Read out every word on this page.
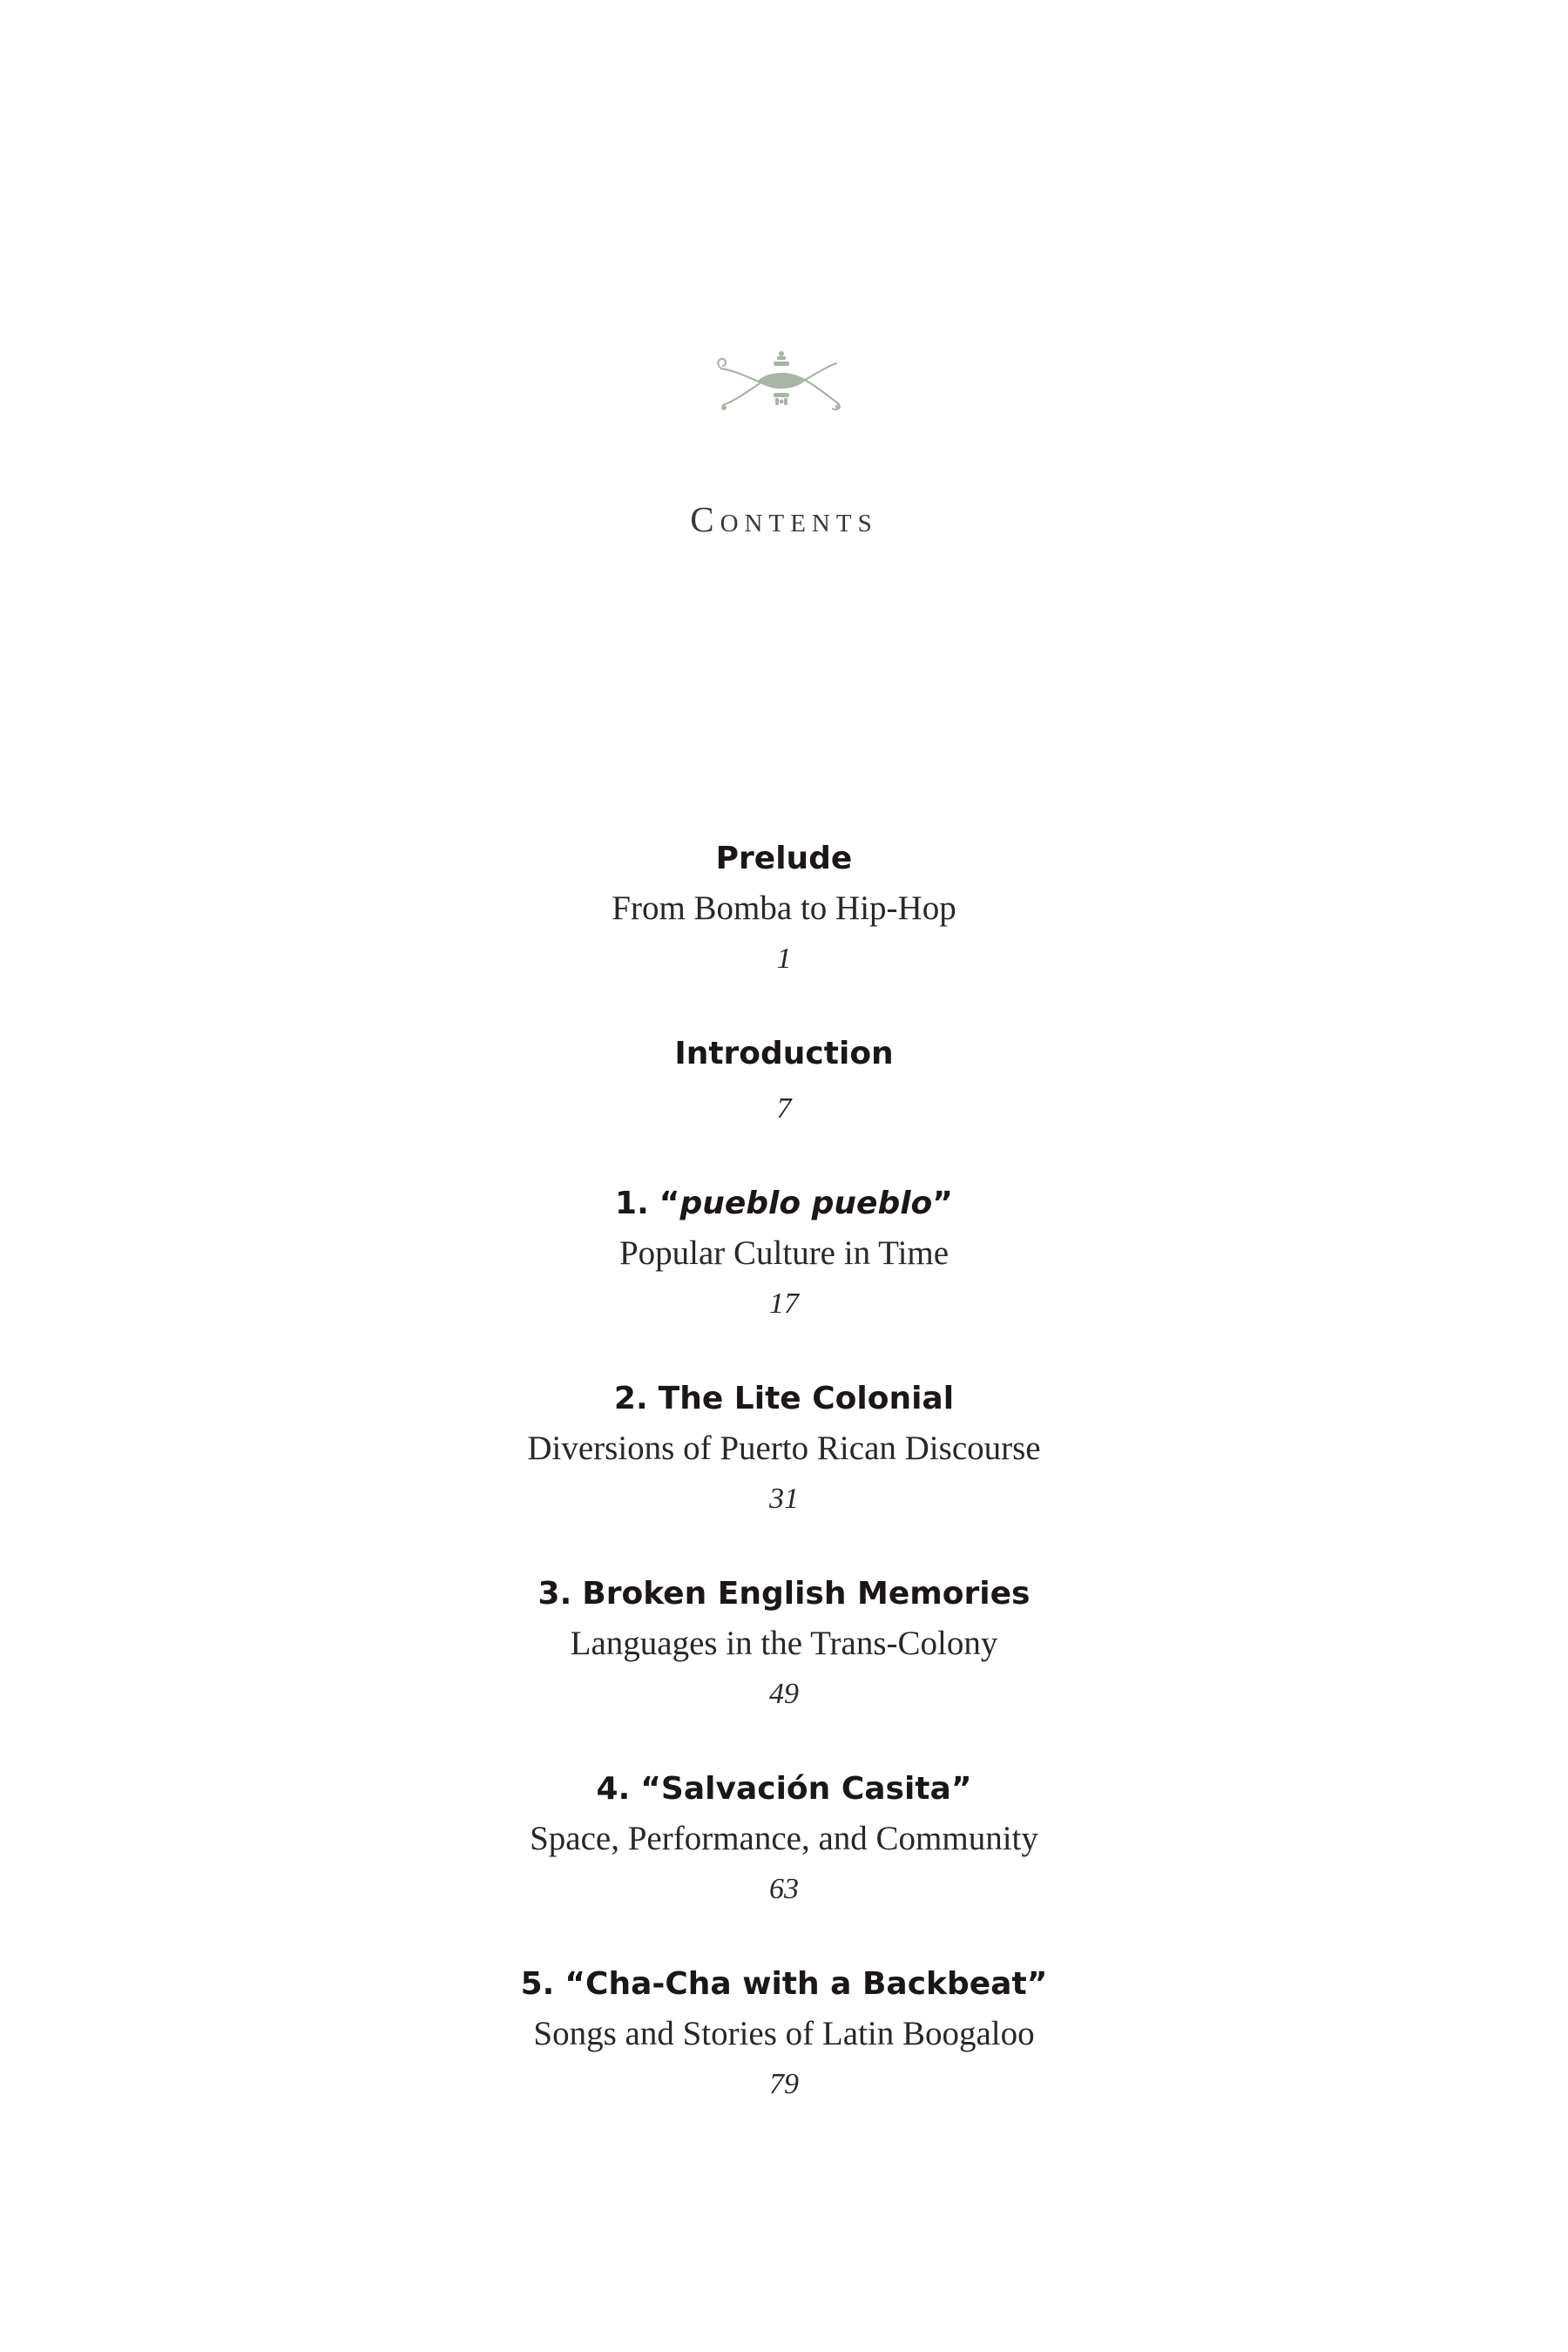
Contents
Prelude
From Bomba to Hip-Hop
1
Introduction
7
1. “pueblo pueblo”
Popular Culture in Time
17
2. The Lite Colonial
Diversions of Puerto Rican Discourse
31
3. Broken English Memories
Languages in the Trans-Colony
49
4. “Salvación Casita”
Space, Performance, and Community
63
5. “Cha-Cha with a Backbeat”
Songs and Stories of Latin Boogaloo
79
